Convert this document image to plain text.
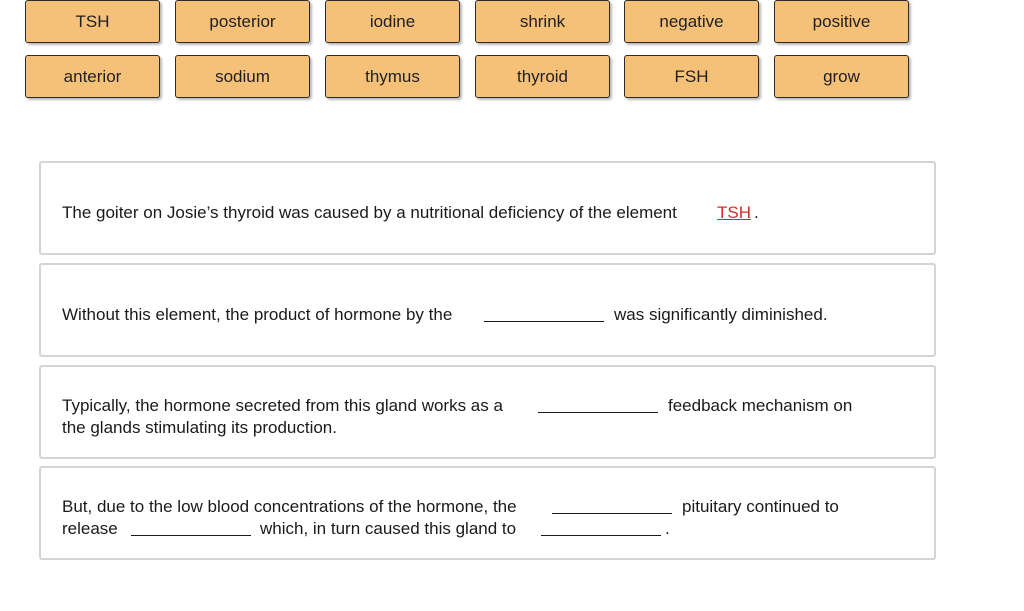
TSH	posterior	iodine	shrink	negative	positive
anterior	sodium	thymus	thyroid	FSH	grow
The goiter on Josie’s thyroid was caused by a nutritional deficiency of the element TSH .
Without this element, the product of hormone by the	was significantly diminished.
Typically, the hormone secreted from this gland works as a	feedback mechanism on
the glands stimulating its production.
But, due to the low blood concentrations of the hormone, the	pituitary continued to
release	which, in turn caused this gland to	.
